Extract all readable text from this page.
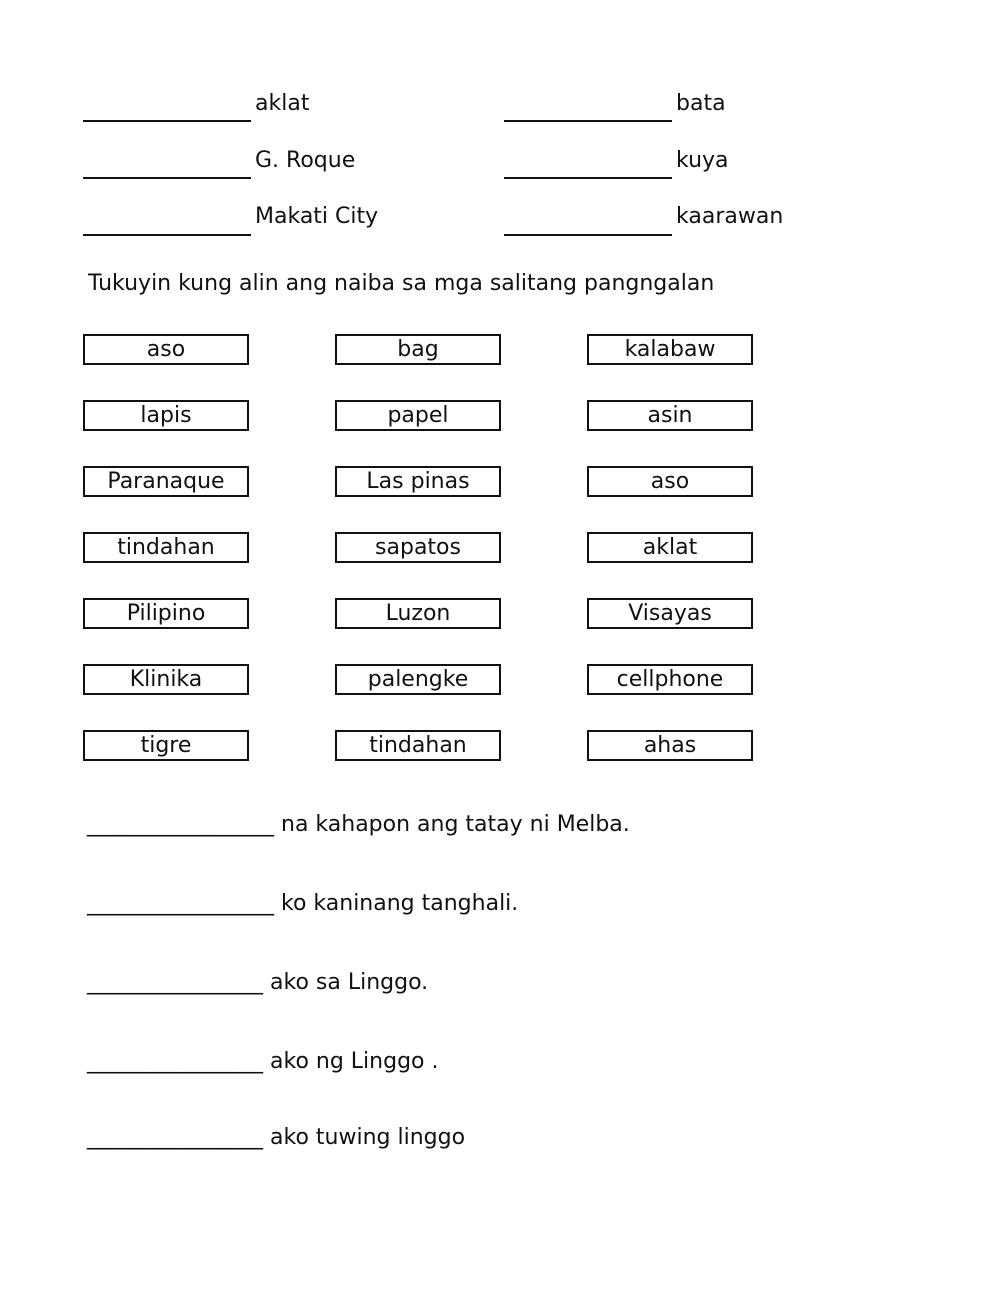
aklat	bata
G. Roque	kuya
Makati City	kaarawan
Tukuyin kung alin ang naiba sa mga salitang pangngalan
aso	bag	kalabaw
lapis	papel	asin
Paranaque	Las pinas	aso
tindahan	sapatos	aklat
Pilipino	Luzon	Visayas
Klinika	palengke	cellphone
tigre	tindahan	ahas
_________________ na kahapon ang tatay ni Melba.
_________________ ko kaninang tanghali.
________________ ako sa Linggo.
________________ ako ng Linggo .
________________ ako tuwing linggo
